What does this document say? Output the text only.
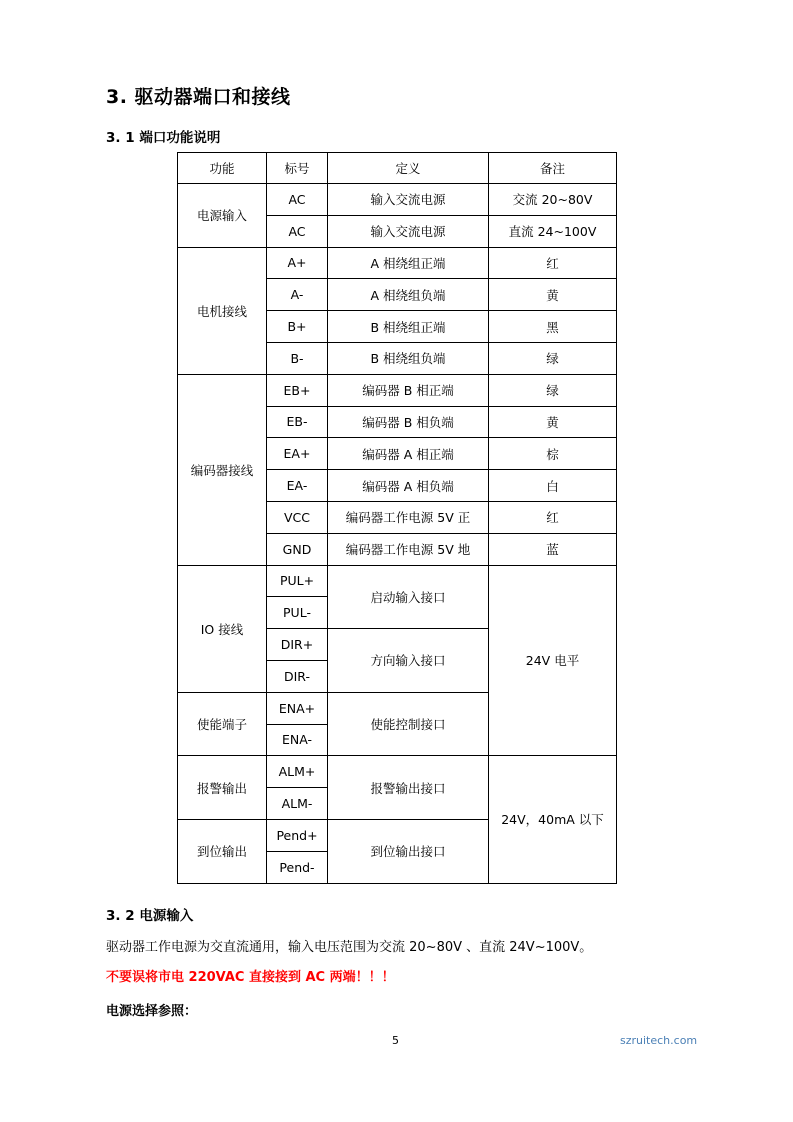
3. 驱动器端口和接线
3. 1 端口功能说明
功能	标号	定义	备注
电源输入	AC	输入交流电源	交流 20~80V
	AC	输入交流电源	直流 24~100V
电机接线	A+	A 相绕组正端	红
	A-	A 相绕组负端	黄
	B+	B 相绕组正端	黑
	B-	B 相绕组负端	绿
编码器接线	EB+	编码器 B 相正端	绿
	EB-	编码器 B 相负端	黄
	EA+	编码器 A 相正端	棕
	EA-	编码器 A 相负端	白
	VCC	编码器工作电源 5V 正	红
	GND	编码器工作电源 5V 地	蓝
IO 接线	PUL+	启动输入接口	24V 电平
	PUL-		
	DIR+	方向输入接口	
	DIR-		
使能端子	ENA+	使能控制接口	
	ENA-		
报警输出	ALM+	报警输出接口	24V，40mA 以下
	ALM-		
到位输出	Pend+	到位输出接口	
	Pend-		
3. 2 电源输入
驱动器工作电源为交直流通用，输入电压范围为交流 20~80V 、直流 24V~100V。
不要误将市电 220VAC 直接接到 AC 两端！！！
电源选择参照：
5	szruitech.com
